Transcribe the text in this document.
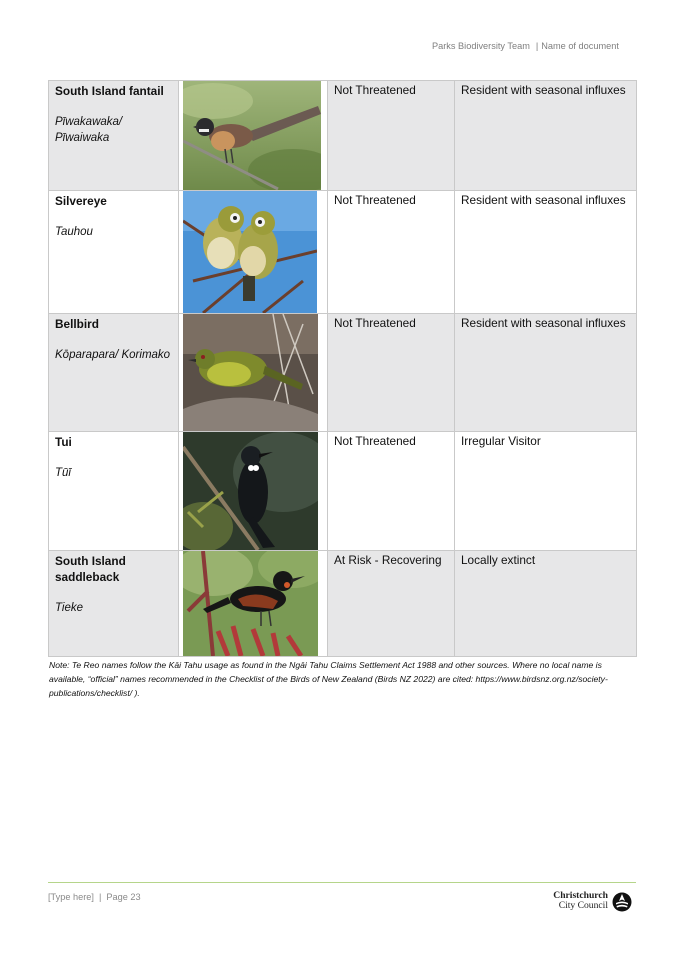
Parks Biodiversity Team | Name of document
South Island fantail
Pīwakawaka/ Pīwaiwaka		Not Threatened	Resident with seasonal influxes

Silvereye
Tauhou		Not Threatened	Resident with seasonal influxes

Bellbird
Kōparapara/ Korimako		Not Threatened	Resident with seasonal influxes

Tui
Tūī		Not Threatened	Irregular Visitor

South Island saddleback
Tieke		At Risk - Recovering	Locally extinct
Note: Te Reo names follow the Kāi Tahu usage as found in the Ngāi Tahu Claims Settlement Act 1988 and other sources. Where no local name is available, “official” names recommended in the Checklist of the Birds of New Zealand (Birds NZ 2022) are cited: https://www.birdsnz.org.nz/society-publications/checklist/ ).
[Type here] | Page 23	Christchurch
City Council
